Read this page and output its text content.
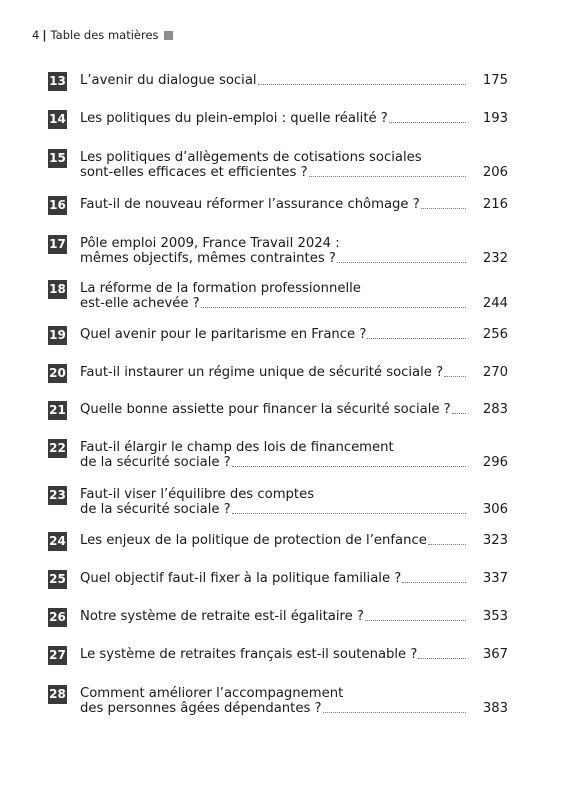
4 | Table des matières
13 L’avenir du dialogue social	175
14 Les politiques du plein-emploi : quelle réalité ?	193
15 Les politiques d’allègements de cotisations sociales
sont-elles efficaces et efficientes ?	206
16 Faut-il de nouveau réformer l’assurance chômage ?	216
17 Pôle emploi 2009, France Travail 2024 :
mêmes objectifs, mêmes contraintes ?	232
18 La réforme de la formation professionnelle
est-elle achevée ?	244
19 Quel avenir pour le paritarisme en France ?	256
20 Faut-il instaurer un régime unique de sécurité sociale ?	270
21 Quelle bonne assiette pour financer la sécurité sociale ?	283
22 Faut-il élargir le champ des lois de financement
de la sécurité sociale ?	296
23 Faut-il viser l’équilibre des comptes
de la sécurité sociale ?	306
24 Les enjeux de la politique de protection de l’enfance	323
25 Quel objectif faut-il fixer à la politique familiale ?	337
26 Notre système de retraite est-il égalitaire ?	353
27 Le système de retraites français est-il soutenable ?	367
28 Comment améliorer l’accompagnement
des personnes âgées dépendantes ?	383
